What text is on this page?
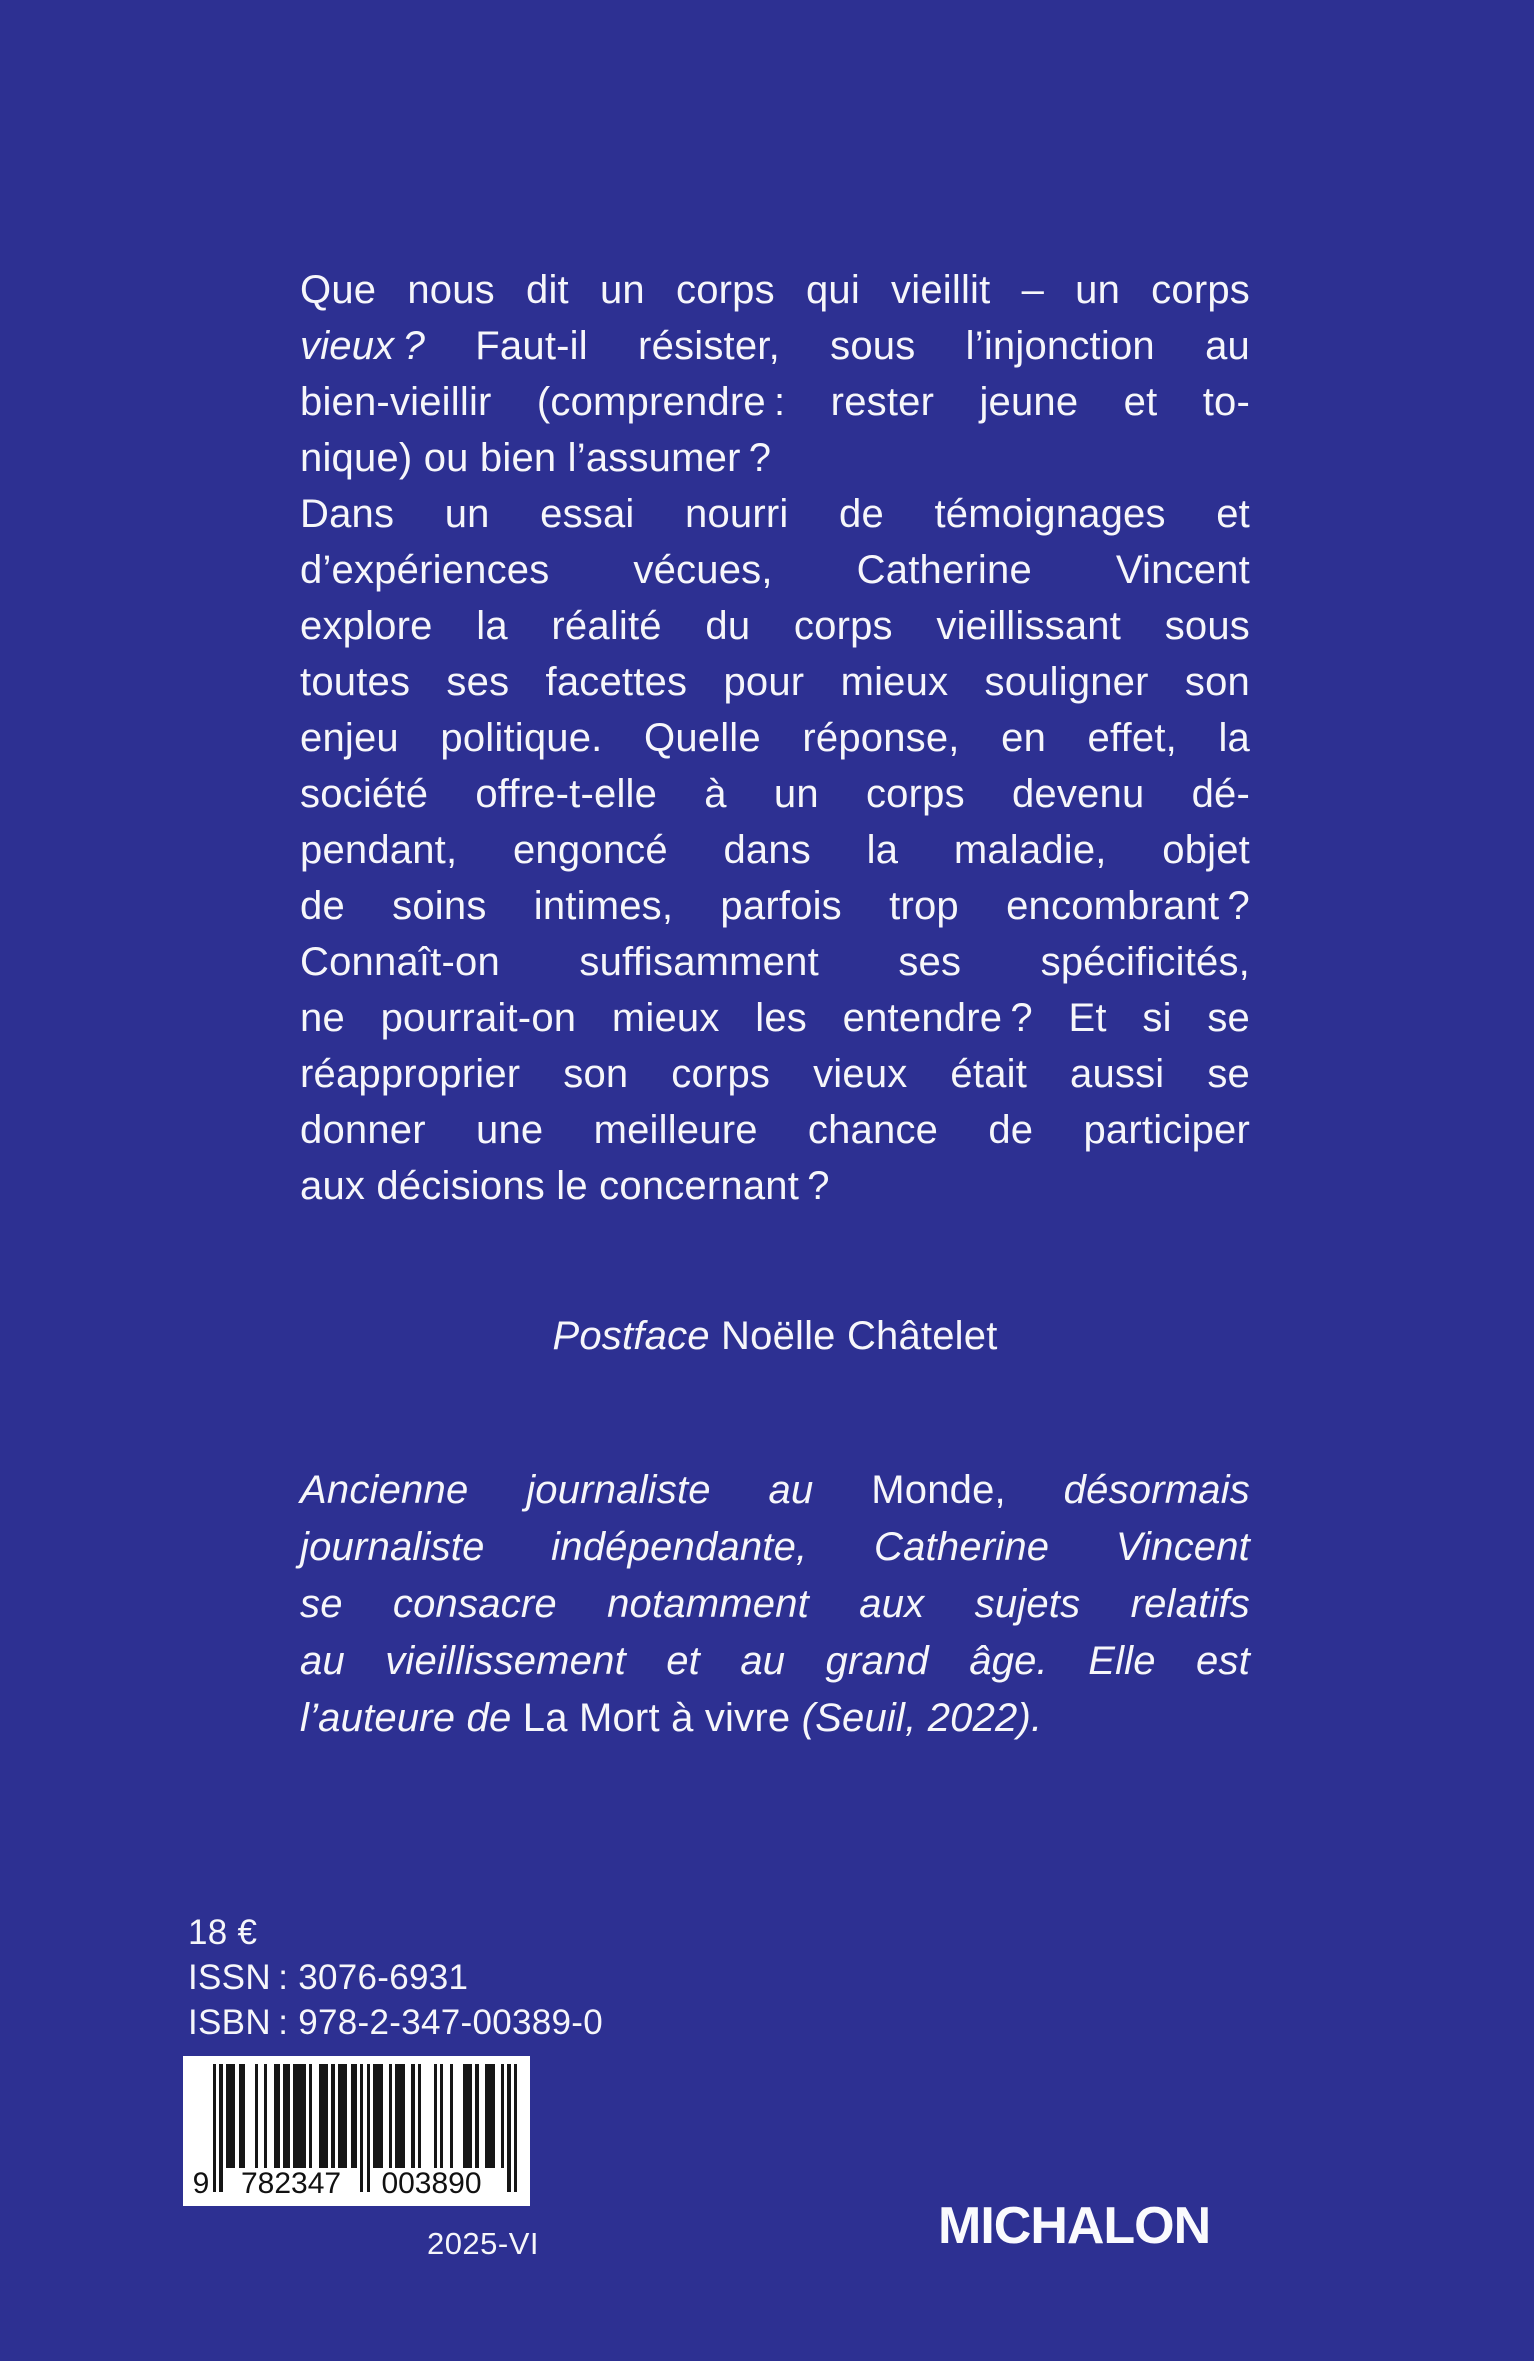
Que nous dit un corps qui vieillit – un corps
vieux ? Faut-il résister, sous l’injonction au
bien-vieillir (comprendre : rester jeune et to-
nique) ou bien l’assumer ?
Dans un essai nourri de témoignages et
d’expériences vécues, Catherine Vincent
explore la réalité du corps vieillissant sous
toutes ses facettes pour mieux souligner son
enjeu politique. Quelle réponse, en effet, la
société offre-t-elle à un corps devenu dé-
pendant, engoncé dans la maladie, objet
de soins intimes, parfois trop encombrant ?
Connaît-on suffisamment ses spécificités,
ne pourrait-on mieux les entendre ? Et si se
réapproprier son corps vieux était aussi se
donner une meilleure chance de participer
aux décisions le concernant ?
Postface Noëlle Châtelet
Ancienne journaliste au Monde, désormais
journaliste indépendante, Catherine Vincent
se consacre notamment aux sujets relatifs
au vieillissement et au grand âge. Elle est
l’auteure de La Mort à vivre (Seuil, 2022).
18 €
ISSN : 3076-6931
ISBN : 978-2-347-00389-0
9 782347 003890
2025-VI	MICHALON
